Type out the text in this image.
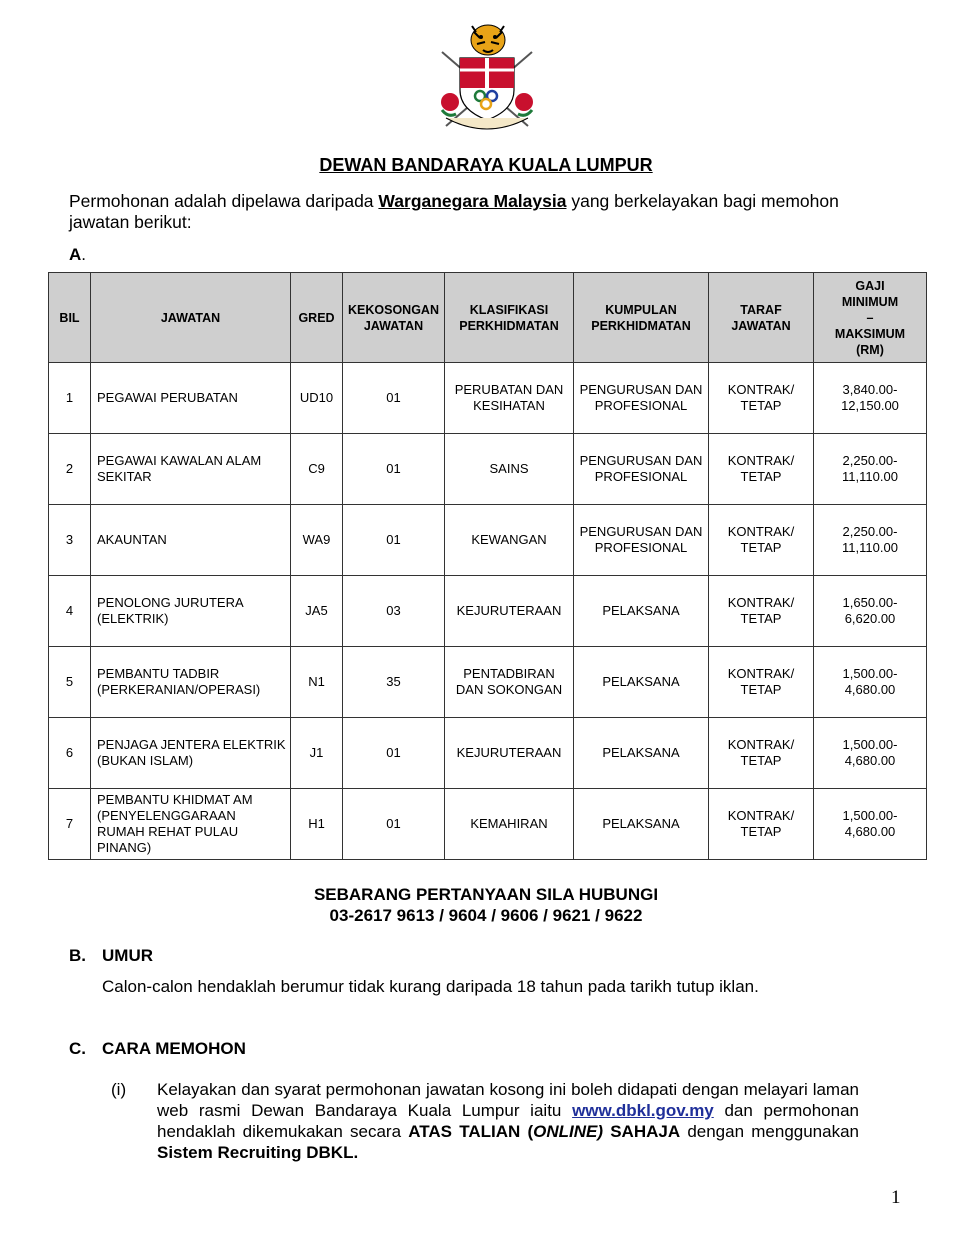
DEWAN BANDARAYA KUALA LUMPUR
Permohonan adalah dipelawa daripada Warganegara Malaysia yang berkelayakan bagi memohon jawatan berikut:
A.
BIL	JAWATAN	GRED	KEKOSONGAN JAWATAN	KLASIFIKASI PERKHIDMATAN	KUMPULAN PERKHIDMATAN	TARAF JAWATAN	GAJI
MINIMUM
–
MAKSIMUM
(RM)

1	PEGAWAI PERUBATAN	UD10	01	PERUBATAN DAN KESIHATAN	PENGURUSAN DAN PROFESIONAL	KONTRAK/ TETAP	3,840.00- 12,150.00
2	PEGAWAI KAWALAN ALAM SEKITAR	C9	01	SAINS	PENGURUSAN DAN PROFESIONAL	KONTRAK/ TETAP	2,250.00- 11,110.00
3	AKAUNTAN	WA9	01	KEWANGAN	PENGURUSAN DAN PROFESIONAL	KONTRAK/ TETAP	2,250.00- 11,110.00
4	PENOLONG JURUTERA (ELEKTRIK)	JA5	03	KEJURUTERAAN	PELAKSANA	KONTRAK/ TETAP	1,650.00- 6,620.00
5	PEMBANTU TADBIR (PERKERANIAN/OPERASI)	N1	35	PENTADBIRAN DAN SOKONGAN	PELAKSANA	KONTRAK/ TETAP	1,500.00- 4,680.00
6	PENJAGA JENTERA ELEKTRIK (BUKAN ISLAM)	J1	01	KEJURUTERAAN	PELAKSANA	KONTRAK/ TETAP	1,500.00- 4,680.00
7	PEMBANTU KHIDMAT AM (PENYELENGGARAAN RUMAH REHAT PULAU PINANG)	H1	01	KEMAHIRAN	PELAKSANA	KONTRAK/ TETAP	1,500.00- 4,680.00
SEBARANG PERTANYAAN SILA HUBUNGI
03-2617 9613 / 9604 / 9606 / 9621 / 9622
B. UMUR
Calon-calon hendaklah berumur tidak kurang daripada 18 tahun pada tarikh tutup iklan.
C. CARA MEMOHON
(i) Kelayakan dan syarat permohonan jawatan kosong ini boleh didapati dengan melayari laman web rasmi Dewan Bandaraya Kuala Lumpur iaitu www.dbkl.gov.my dan permohonan hendaklah dikemukakan secara ATAS TALIAN (ONLINE) SAHAJA dengan menggunakan Sistem Recruiting DBKL.
1
